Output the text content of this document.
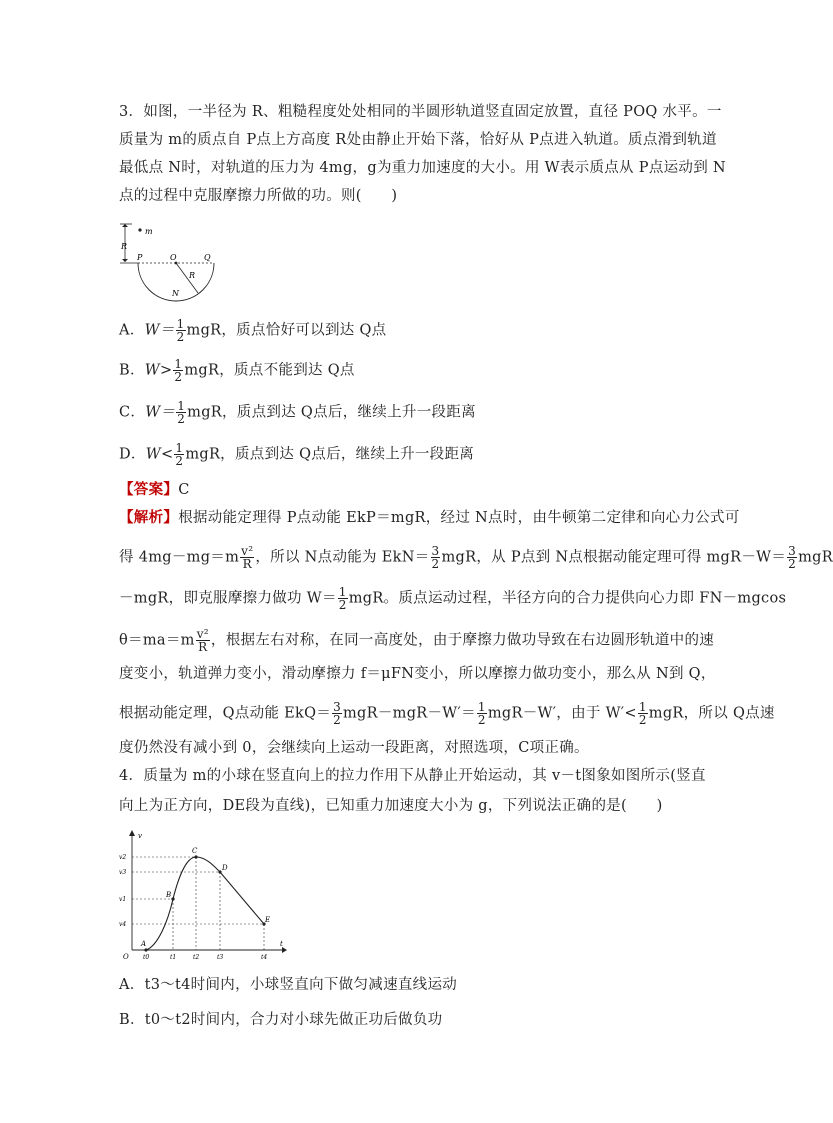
3．如图，一半径为 R、粗糙程度处处相同的半圆形轨道竖直固定放置，直径 POQ 水平。一
质量为 m的质点自 P点上方高度 R处由静止开始下落，恰好从 P点进入轨道。质点滑到轨道
最低点 N时，对轨道的压力为 4mg，g为重力加速度的大小。用 W表示质点从 P点运动到 N
点的过程中克服摩擦力所做的功。则(　　)
m
R
P	O	Q
R
N
A．$W= \frac{1}{2}$ mgR，质点恰好可以到达 Q点
B．$W> \frac{1}{2}$ mgR，质点不能到达 Q点
C．$W= \frac{1}{2}$ mgR，质点到达 Q点后，继续上升一段距离
D．$W< \frac{1}{2}$ mgR，质点到达 Q点后，继续上升一段距离
【答案】C
【解析】根据动能定理得 P点动能 EkP＝mgR，经过 N点时，由牛顿第二定律和向心力公式可
得 $4mg-mg=m \frac{\text{v²}}{R}$ ，所以 N点动能为 $EkN= \frac{3}{2}$ mgR，从 P点到 N点根据动能定理可得 $mgR-W= \frac{3}{2}$ mgR
－mgR，即克服摩擦力做功 $W= \frac{1}{2}$ mgR。质点运动过程，半径方向的合力提供向心力即 FN－mgcos
$\theta=ma=m \frac{\text{v²}}{R}$ ，根据左右对称，在同一高度处，由于摩擦力做功导致在右边圆形轨道中的速
度变小，轨道弹力变小，滑动摩擦力 f＝μFN变小，所以摩擦力做功变小，那么从 N到 Q，
根据动能定理，Q点动能 $EkQ= \frac{3}{2} mgR-mgR-W'= \frac{1}{2} mgR-W'$，由于 $W'< \frac{1}{2}$ mgR，所以 Q点速
度仍然没有减小到 0，会继续向上运动一段距离，对照选项，C项正确。
4．质量为 m的小球在竖直向上的拉力作用下从静止开始运动，其 v－t图象如图所示(竖直
向上为正方向，DE段为直线)，已知重力加速度大小为 g，下列说法正确的是(　　)
v
t
O
A
B
C
D
E
v2
v3
v1
v4
t0	t1	t2	t3	t4
A．t3～t4时间内，小球竖直向下做匀减速直线运动
B．t0～t2时间内，合力对小球先做正功后做负功
